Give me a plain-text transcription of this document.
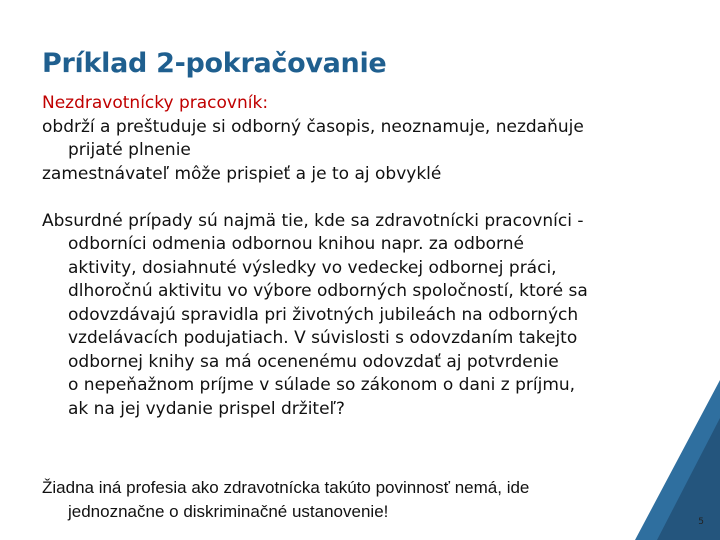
Príklad 2-pokračovanie
Nezdravotnícky pracovník:
obdrží a preštuduje si odborný časopis, neoznamuje, nezdaňuje
prijaté plnenie
zamestnávateľ môže prispieť a je to aj obvyklé
Absurdné prípady sú najmä tie, kde sa zdravotnícki pracovníci -
odborníci odmenia odbornou knihou napr. za odborné
aktivity, dosiahnuté výsledky vo vedeckej odbornej práci,
dlhoročnú aktivitu vo výbore odborných spoločností, ktoré sa
odovzdávajú spravidla pri životných jubileách na odborných
vzdelávacích podujatiach. V súvislosti s odovzdaním takejto
odbornej knihy sa má ocenenému odovzdať aj potvrdenie
o nepeňažnom príjme v súlade so zákonom o dani z príjmu,
ak na jej vydanie prispel držiteľ?
Žiadna iná profesia ako zdravotnícka takúto povinnosť nemá, ide
jednoznačne o diskriminačné ustanovenie!
5
